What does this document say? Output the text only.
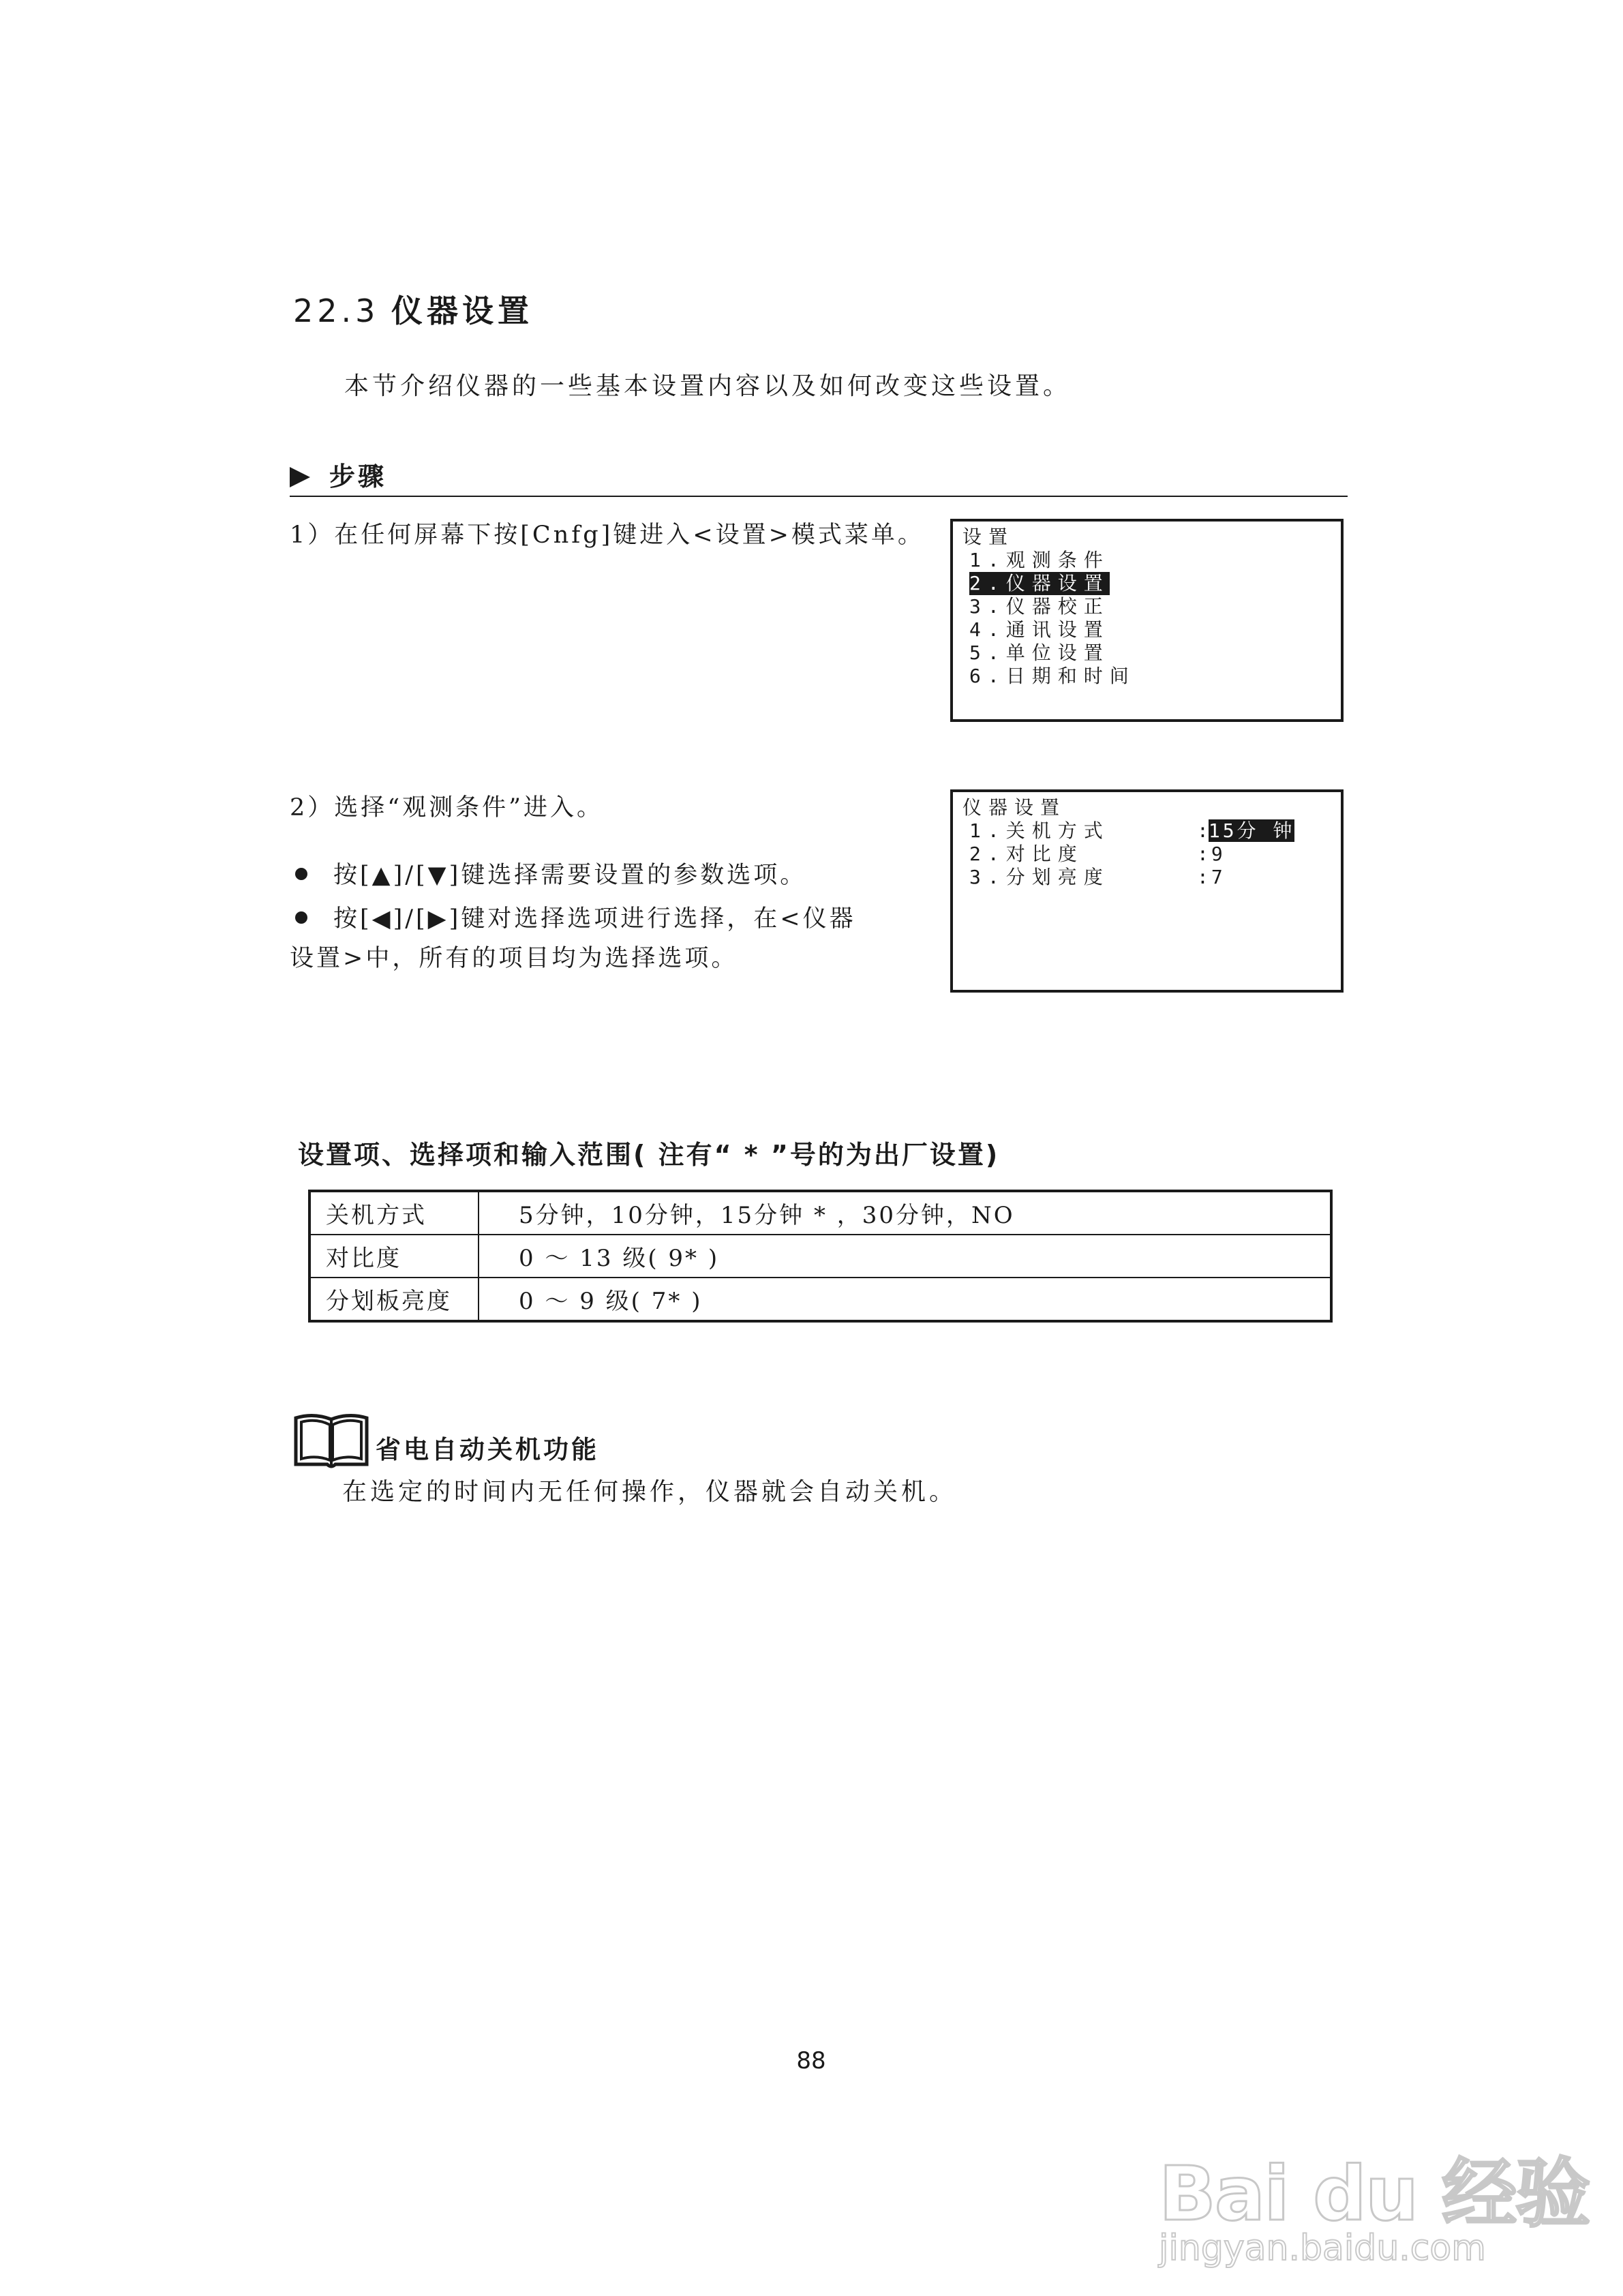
22.3 仪器设置
本节介绍仪器的一些基本设置内容以及如何改变这些设置。
步骤
1）在任何屏幕下按[Cnfg]键进入<设置>模式菜单。
2）选择“观测条件”进入。
按[▲]/[▼]键选择需要设置的参数选项。
按[◀]/[▶]键对选择选项进行选择，在<仪器
设置>中，所有的项目均为选择选项。
设置
1.观测条件
2.仪器设置
3.仪器校正
4.通讯设置
5.单位设置
6.日期和时间
仪器设置
1.关机方式	:15分 钟
2.对比度	:9
3.分划亮度	:7
设置项、选择项和输入范围( 注有“ * ”号的为出厂设置)
关机方式	5分钟，10分钟，15分钟 * ，30分钟，NO
对比度	0 ～ 13 级( 9* )
分划板亮度	0 ～ 9 级( 7* )
省电自动关机功能
在选定的时间内无任何操作，仪器就会自动关机。
88
Bai du 经验
jingyan.baidu.com
